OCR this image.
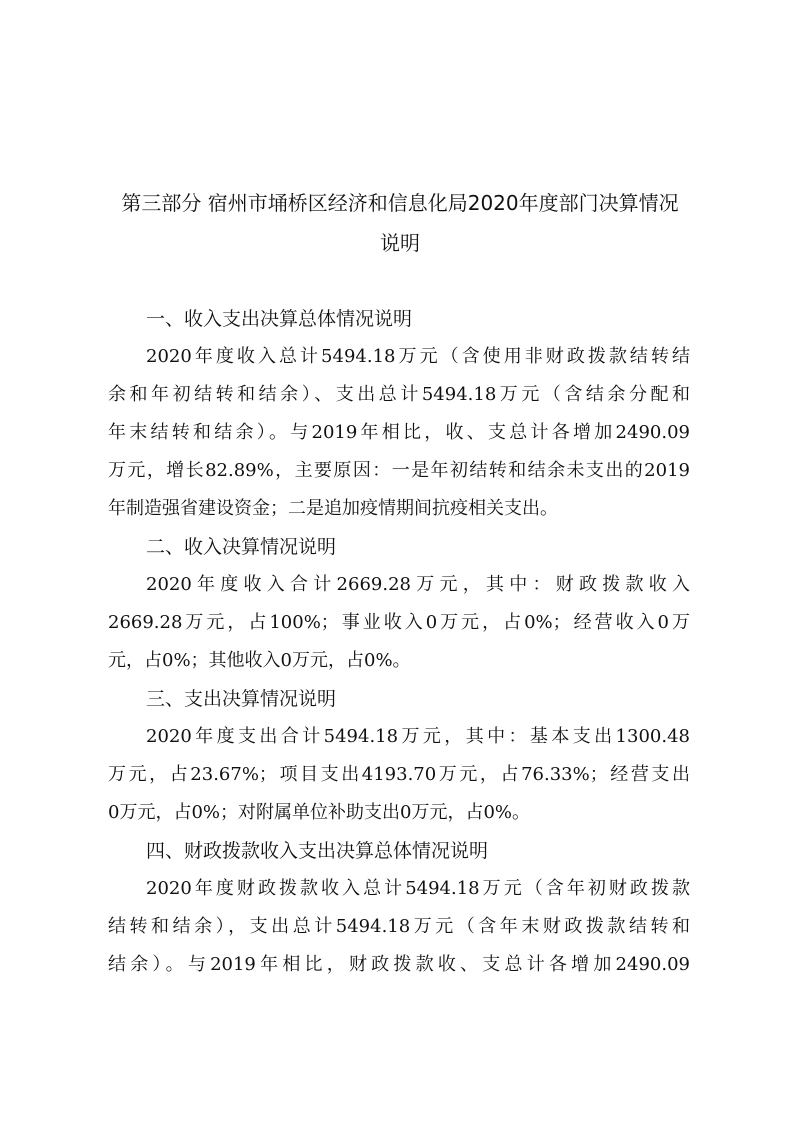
第三部分 宿州市埇桥区经济和信息化局2020年度部门决算情况
说明
一、收入支出决算总体情况说明
2020年度收入总计5494.18万元（含使用非财政拨款结转结
余和年初结转和结余）、支出总计5494.18万元（含结余分配和
年末结转和结余）。与2019年相比，收、支总计各增加2490.09
万元，增长82.89%，主要原因：一是年初结转和结余未支出的2019
年制造强省建设资金；二是追加疫情期间抗疫相关支出。
二、收入决算情况说明
2020年度收入合计2669.28万元，其中：财政拨款收入
2669.28万元，占100%；事业收入0万元，占0%；经营收入0万
元，占0%；其他收入0万元，占0%。
三、支出决算情况说明
2020年度支出合计5494.18万元，其中：基本支出1300.48
万元，占23.67%；项目支出4193.70万元，占76.33%；经营支出
0万元，占0%；对附属单位补助支出0万元，占0%。
四、财政拨款收入支出决算总体情况说明
2020年度财政拨款收入总计5494.18万元（含年初财政拨款
结转和结余），支出总计5494.18万元（含年末财政拨款结转和
结余）。与2019年相比，财政拨款收、支总计各增加2490.09
